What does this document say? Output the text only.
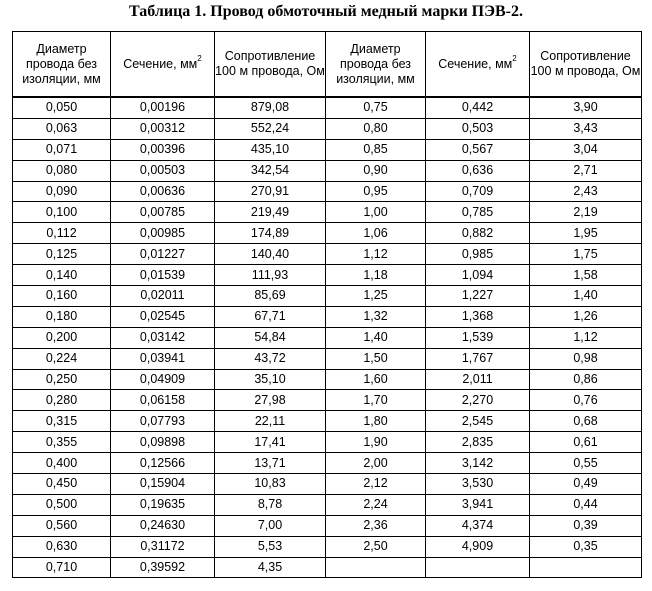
Таблица 1. Провод обмоточный медный марки ПЭВ-2.
Диаметр провода без изоляции, мм	Сечение, $мм^2$	Сопротивление 100 м провода, Ом	Диаметр провода без изоляции, мм	Сечение, $мм^2$	Сопротивление 100 м провода, Ом
0,050	0,00196	879,08	0,75	0,442	3,90
0,063	0,00312	552,24	0,80	0,503	3,43
0,071	0,00396	435,10	0,85	0,567	3,04
0,080	0,00503	342,54	0,90	0,636	2,71
0,090	0,00636	270,91	0,95	0,709	2,43
0,100	0,00785	219,49	1,00	0,785	2,19
0,112	0,00985	174,89	1,06	0,882	1,95
0,125	0,01227	140,40	1,12	0,985	1,75
0,140	0,01539	111,93	1,18	1,094	1,58
0,160	0,02011	85,69	1,25	1,227	1,40
0,180	0,02545	67,71	1,32	1,368	1,26
0,200	0,03142	54,84	1,40	1,539	1,12
0,224	0,03941	43,72	1,50	1,767	0,98
0,250	0,04909	35,10	1,60	2,011	0,86
0,280	0,06158	27,98	1,70	2,270	0,76
0,315	0,07793	22,11	1,80	2,545	0,68
0,355	0,09898	17,41	1,90	2,835	0,61
0,400	0,12566	13,71	2,00	3,142	0,55
0,450	0,15904	10,83	2,12	3,530	0,49
0,500	0,19635	8,78	2,24	3,941	0,44
0,560	0,24630	7,00	2,36	4,374	0,39
0,630	0,31172	5,53	2,50	4,909	0,35
0,710	0,39592	4,35			
